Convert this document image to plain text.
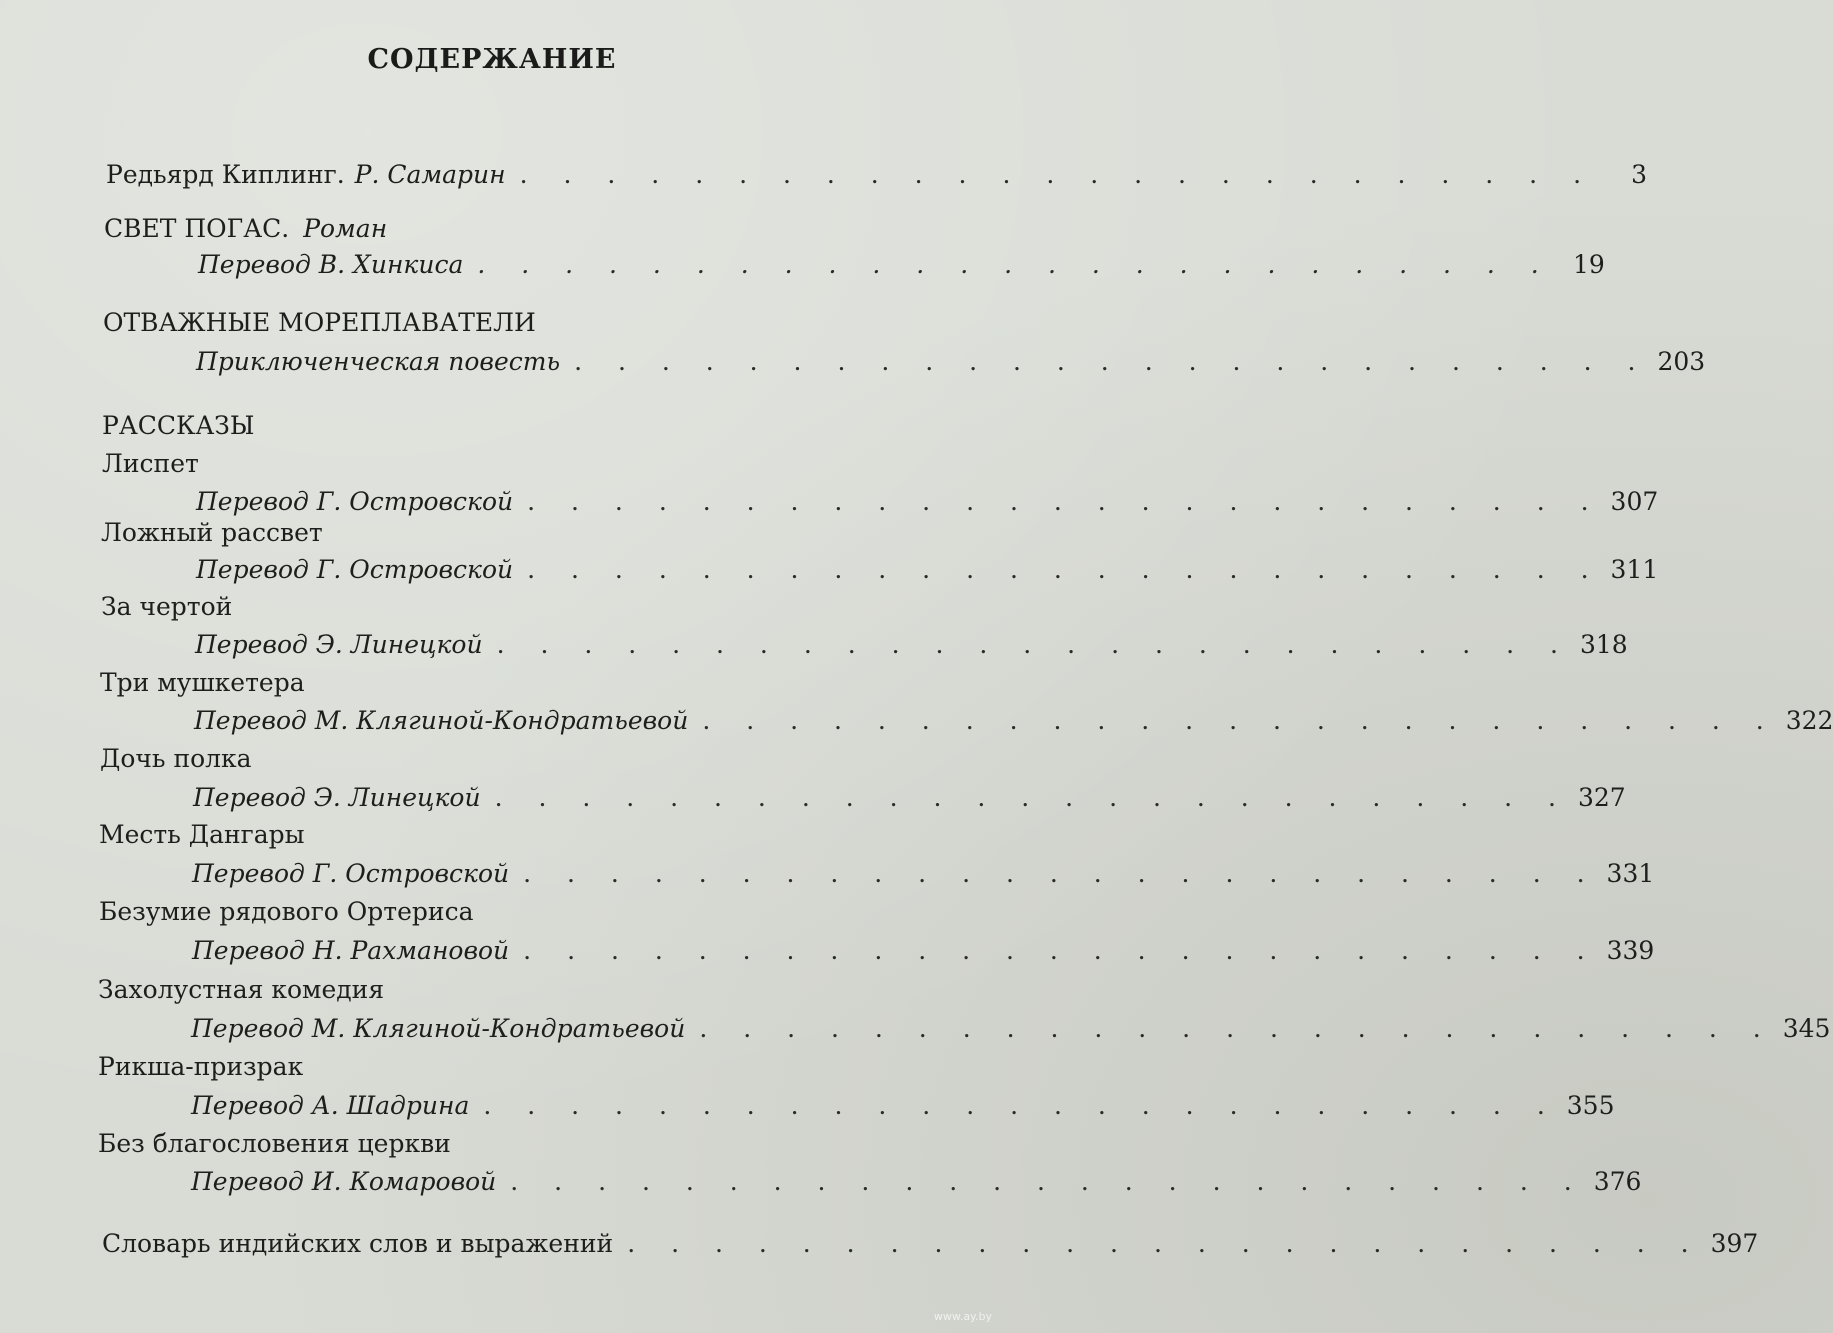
СОДЕРЖАНИЕ
Редьярд Киплинг. Р. Самарин . . . . . . . . . . . . . . . . . . . . . . . . .	3
СВЕТ ПОГАС. Роман
Перевод В. Хинкиса . . . . . . . . . . . . . . . . . . . . . . . . . 19
ОТВАЖНЫЕ МОРЕПЛАВАТЕЛИ
Приключенческая повесть . . . . . . . . . . . . . . . . . . . . . . . . . 203
РАССКАЗЫ
Лиспет
Перевод Г. Островской . . . . . . . . . . . . . . . . . . . . . . . . . 307
Ложный рассвет
Перевод Г. Островской . . . . . . . . . . . . . . . . . . . . . . . . . 311
За чертой
Перевод Э. Линецкой . . . . . . . . . . . . . . . . . . . . . . . . . 318
Три мушкетера
Перевод М. Клягиной-Кондратьевой . . . . . . . . . . . . . . . . . . . . . . . . . 322
Дочь полка
Перевод Э. Линецкой . . . . . . . . . . . . . . . . . . . . . . . . . 327
Месть Дангары
Перевод Г. Островской . . . . . . . . . . . . . . . . . . . . . . . . . 331
Безумие рядового Ортериса
Перевод Н. Рахмановой . . . . . . . . . . . . . . . . . . . . . . . . . 339
Захолустная комедия
Перевод М. Клягиной-Кондратьевой . . . . . . . . . . . . . . . . . . . . . . . . . 345
Рикша-призрак
Перевод А. Шадрина . . . . . . . . . . . . . . . . . . . . . . . . . 355
Без благословения церкви
Перевод И. Комаровой . . . . . . . . . . . . . . . . . . . . . . . . . 376
Словарь индийских слов и выражений . . . . . . . . . . . . . . . . . . . . . . . . . 397
www.ay.by
